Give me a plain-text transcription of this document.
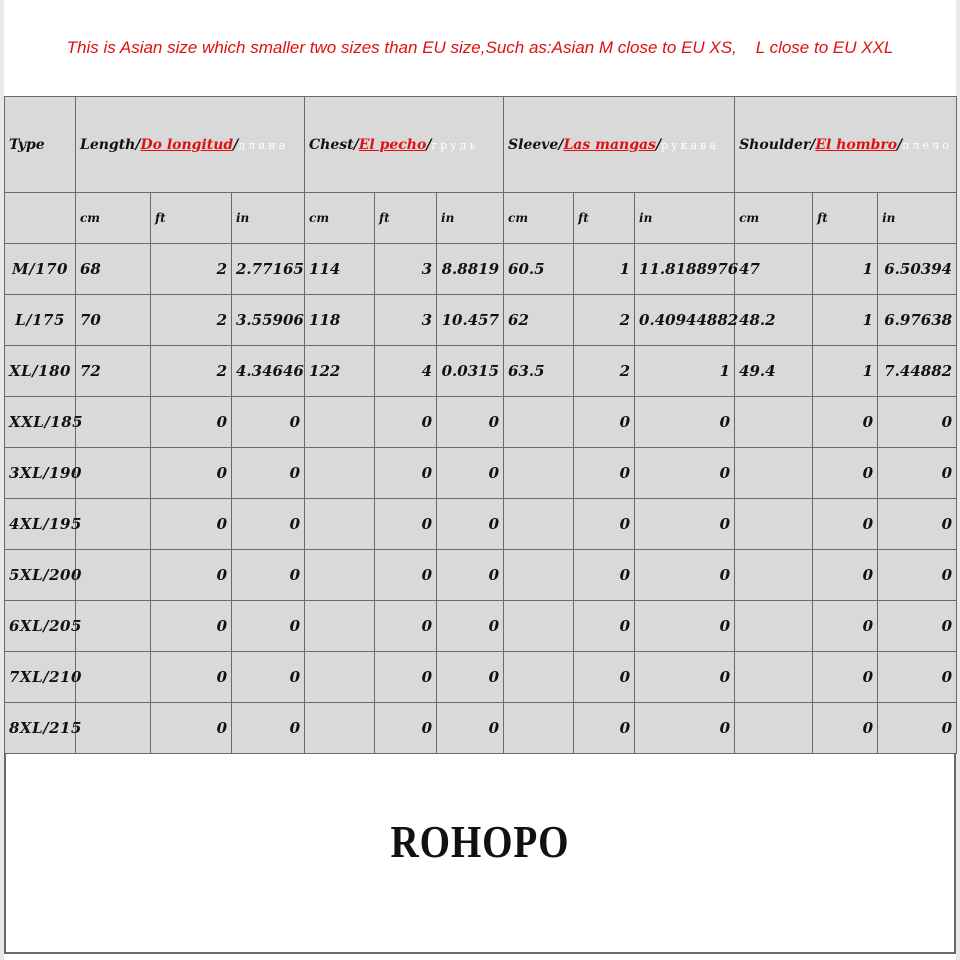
This is Asian size which smaller two sizes than EU size,Such as:Asian M close to EU XS,    L close to EU XXL
Type	Length/Do longitud/длина			Chest/El pecho/грудь			Sleeve/Las mangas/рукава			Shoulder/El hombro/плечо		
	cm	ft	in	cm	ft	in	cm	ft	in	cm	ft	in
M/170	68	2	2.77165	114	3	8.8819	60.5	1	11.8188976	47	1	6.50394
L/175	70	2	3.55906	118	3	10.457	62	2	0.40944882	48.2	1	6.97638
XL/180	72	2	4.34646	122	4	0.0315	63.5	2	1	49.4	1	7.44882
XXL/185		0	0		0	0		0	0		0	0
3XL/190		0	0		0	0		0	0		0	0
4XL/195		0	0		0	0		0	0		0	0
5XL/200		0	0		0	0		0	0		0	0
6XL/205		0	0		0	0		0	0		0	0
7XL/210		0	0		0	0		0	0		0	0
8XL/215		0	0		0	0		0	0		0	0
ROHOPO
